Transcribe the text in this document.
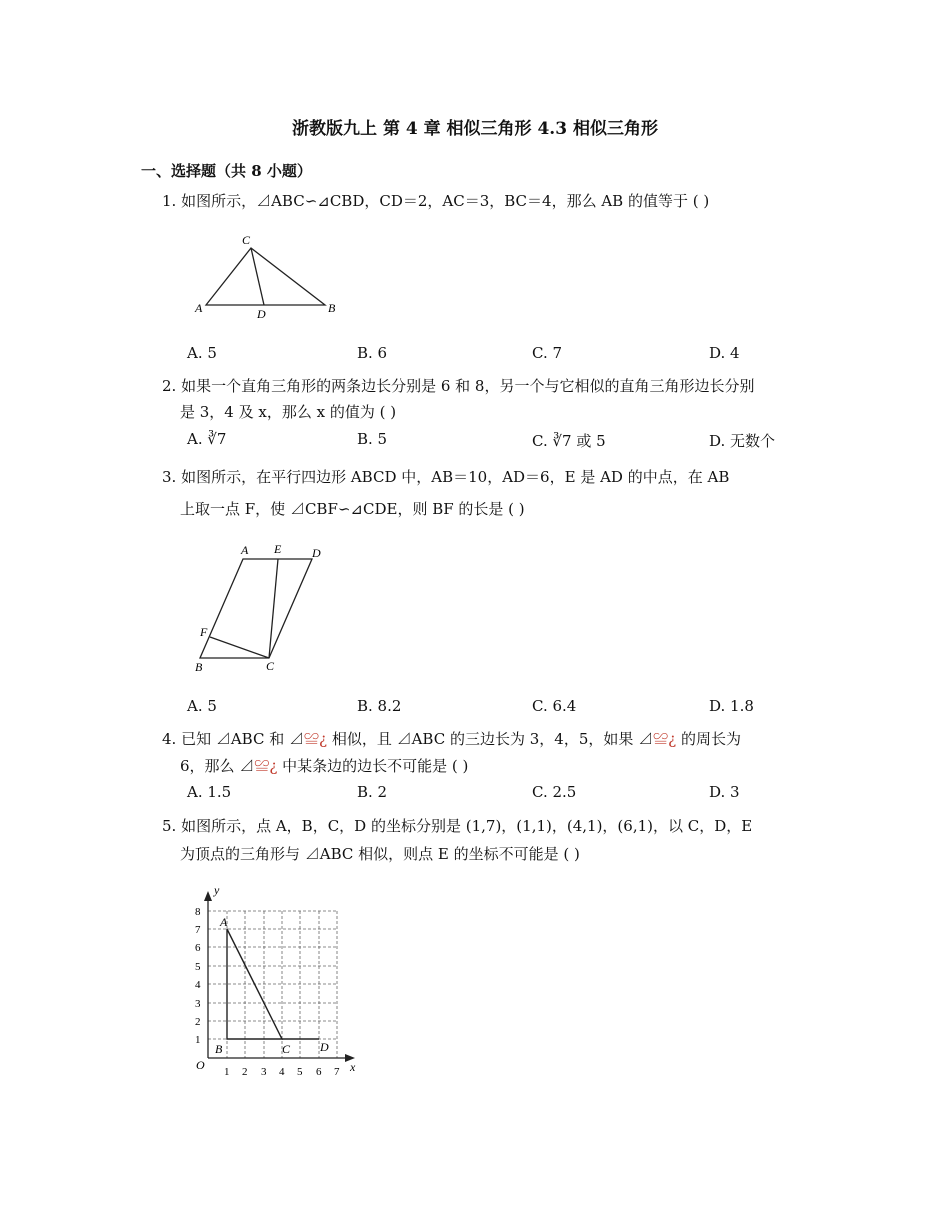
浙教版九上 第 4 章 相似三角形 4.3 相似三角形
一、选择题（共 8 小题）
1. 如图所示，⊿ABC∽⊿CBD，CD＝2，AC＝3，BC＝4，那么 AB 的值等于 ( )
C
A	D	B
A. 5	B. 6	C. 7	D. 4
2. 如果一个直角三角形的两条边长分别是 6 和 8，另一个与它相似的直角三角形边长分别
是 3，4 及 x，那么 x 的值为 ( )
A. ∛7	B. 5	C. ∛7 或 5	D. 无数个
3. 如图所示，在平行四边形 ABCD 中，AB＝10，AD＝6，E 是 AD 的中点，在 AB
上取一点 F，使 ⊿CBF∽⊿CDE，则 BF 的长是 ( )
A E	D
F
B	C
A. 5	B. 8.2	C. 6.4	D. 1.8
4. 已知 ⊿ABC 和 ⊿≌¿ 相似，且 ⊿ABC 的三边长为 3，4，5，如果 ⊿≌¿ 的周长为
6，那么 ⊿≌¿ 中某条边的边长不可能是 ( )
A. 1.5	B. 2	C. 2.5	D. 3
5. 如图所示，点 A，B，C，D 的坐标分别是 (1,7)，(1,1)，(4,1)，(6,1)，以 C，D，E
为顶点的三角形与 ⊿ABC 相似，则点 E 的坐标不可能是 ( )
y
x
O 1 2 3 4 5 6 7
1
2
3
4
5
6
7
8
A
B	C D
